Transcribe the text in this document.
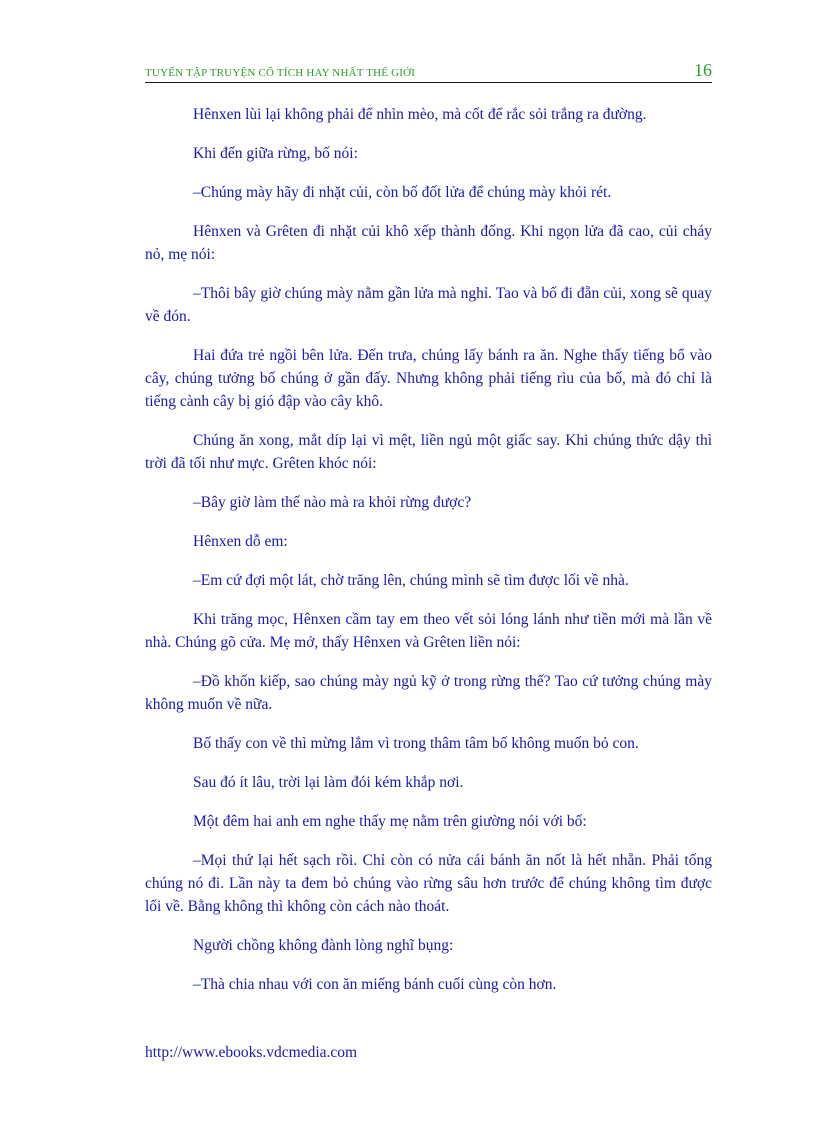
TUYỂN TẬP TRUYỆN CỔ TÍCH HAY NHẤT THẾ GIỚI	16

Hênxen lùi lại không phải để nhìn mèo, mà cốt để rắc sỏi trắng ra đường.

Khi đến giữa rừng, bố nói:

–Chúng mày hãy đi nhặt củi, còn bố đốt lửa để chúng mày khỏi rét.

Hênxen và Grêten đi nhặt củi khô xếp thành đống. Khi ngọn lửa đã cao, củi cháy nỏ, mẹ nói:

–Thôi bây giờ chúng mày nằm gần lửa mà nghỉ. Tao và bố đi đẵn củi, xong sẽ quay về đón.

Hai đứa trẻ ngồi bên lửa. Đến trưa, chúng lấy bánh ra ăn. Nghe thấy tiếng bổ vào cây, chúng tưởng bố chúng ở gần đấy. Nhưng không phải tiếng rìu của bố, mà đó chỉ là tiếng cành cây bị gió đập vào cây khô.

Chúng ăn xong, mắt díp lại vì mệt, liền ngủ một giấc say. Khi chúng thức dậy thì trời đã tối như mực. Grêten khóc nói:

–Bây giờ làm thế nào mà ra khỏi rừng được?

Hênxen dỗ em:

–Em cứ đợi một lát, chờ trăng lên, chúng mình sẽ tìm được lối về nhà.

Khi trăng mọc, Hênxen cầm tay em theo vết sỏi lóng lánh như tiền mới mà lần về nhà. Chúng gõ cửa. Mẹ mở, thấy Hênxen và Grêten liền nói:

–Đồ khốn kiếp, sao chúng mày ngủ kỹ ở trong rừng thế? Tao cứ tưởng chúng mày không muốn về nữa.

Bố thấy con về thì mừng lắm vì trong thâm tâm bố không muốn bỏ con.

Sau đó ít lâu, trời lại làm đói kém khắp nơi.

Một đêm hai anh em nghe thấy mẹ nằm trên giường nói với bố:

–Mọi thứ lại hết sạch rồi. Chỉ còn có nửa cái bánh ăn nốt là hết nhẵn. Phải tống chúng nó đi. Lần này ta đem bỏ chúng vào rừng sâu hơn trước để chúng không tìm được lối về. Bằng không thì không còn cách nào thoát.

Người chồng không đành lòng nghĩ bụng:

–Thà chia nhau với con ăn miếng bánh cuối cùng còn hơn.

http://www.ebooks.vdcmedia.com
